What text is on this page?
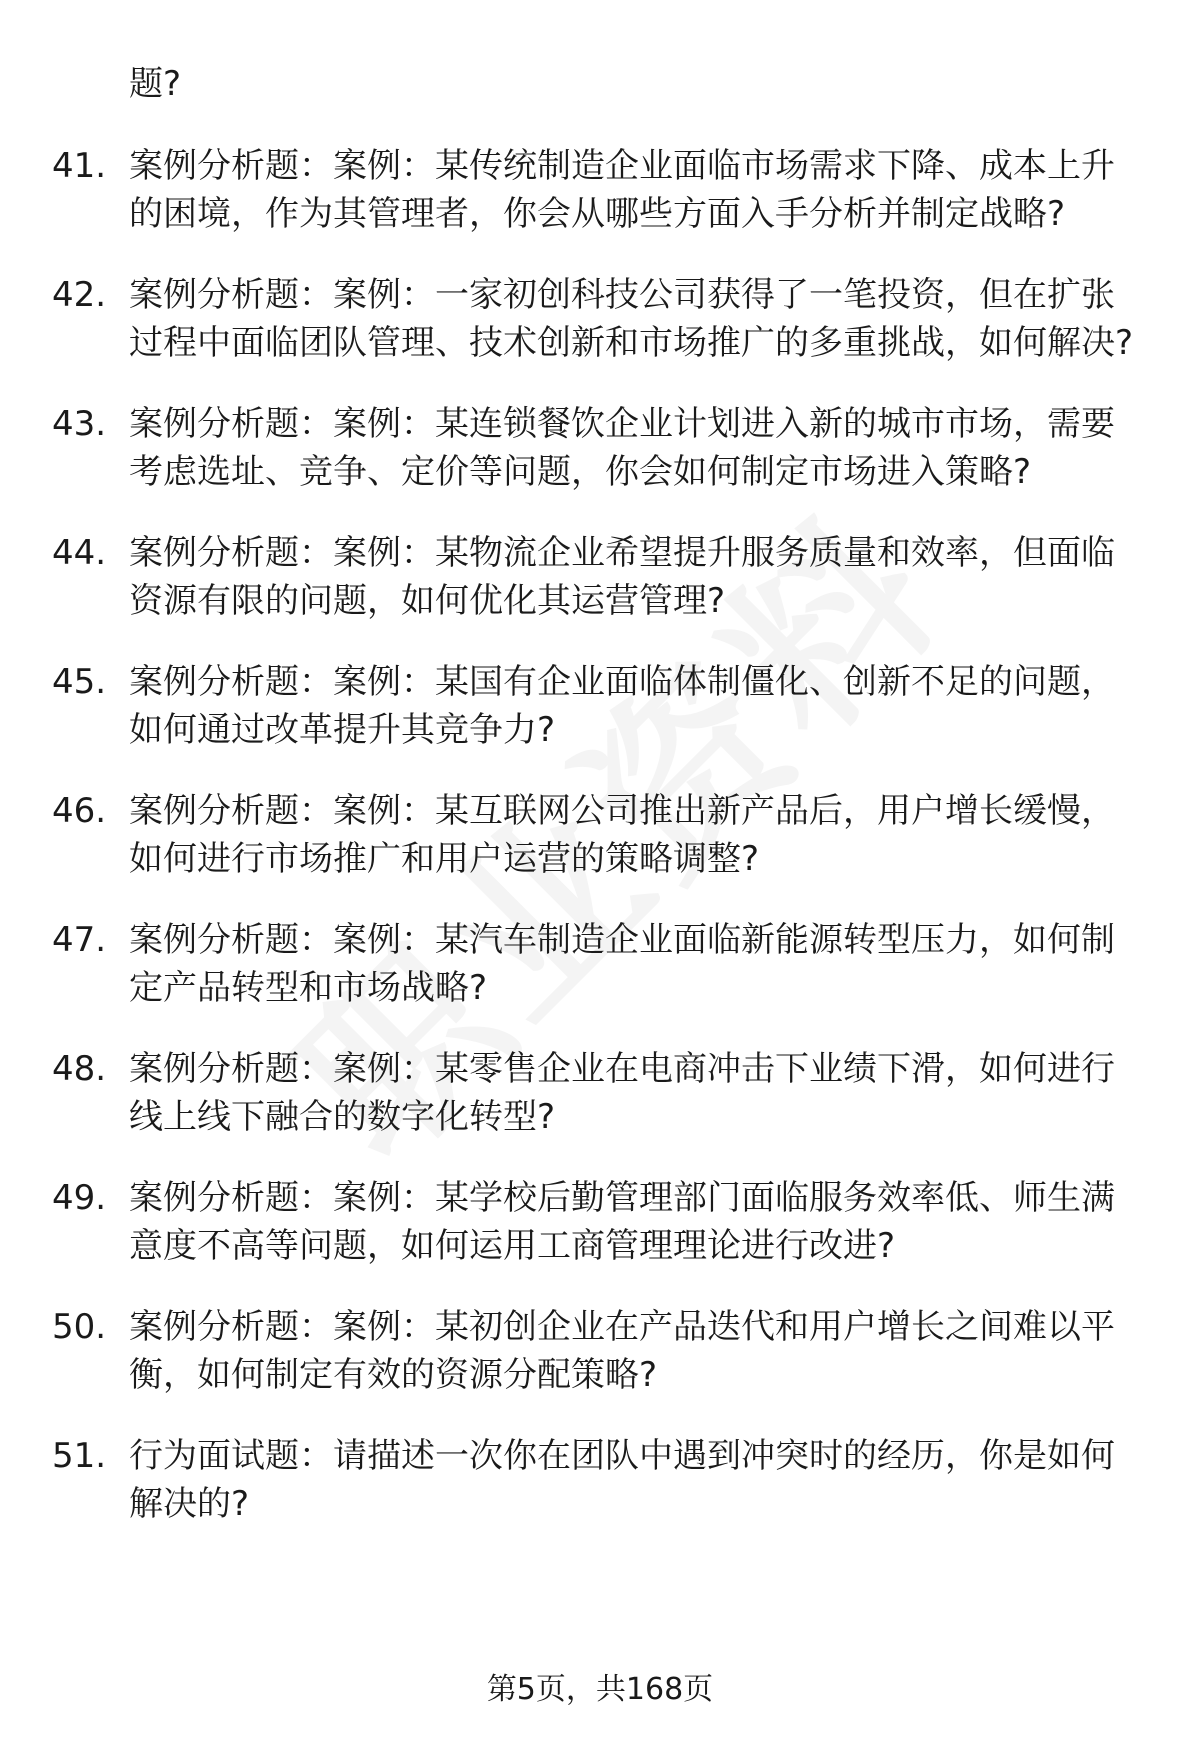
题?
41. 案例分析题：案例：某传统制造企业面临市场需求下降、成本上升的困境，作为其管理者，你会从哪些方面入手分析并制定战略?
42. 案例分析题：案例：一家初创科技公司获得了一笔投资，但在扩张过程中面临团队管理、技术创新和市场推广的多重挑战，如何解决?
43. 案例分析题：案例：某连锁餐饮企业计划进入新的城市市场，需要考虑选址、竞争、定价等问题，你会如何制定市场进入策略?
44. 案例分析题：案例：某物流企业希望提升服务质量和效率，但面临资源有限的问题，如何优化其运营管理?
45. 案例分析题：案例：某国有企业面临体制僵化、创新不足的问题，如何通过改革提升其竞争力?
46. 案例分析题：案例：某互联网公司推出新产品后，用户增长缓慢，如何进行市场推广和用户运营的策略调整?
47. 案例分析题：案例：某汽车制造企业面临新能源转型压力，如何制定产品转型和市场战略?
48. 案例分析题：案例：某零售企业在电商冲击下业绩下滑，如何进行线上线下融合的数字化转型?
49. 案例分析题：案例：某学校后勤管理部门面临服务效率低、师生满意度不高等问题，如何运用工商管理理论进行改进?
50. 案例分析题：案例：某初创企业在产品迭代和用户增长之间难以平衡，如何制定有效的资源分配策略?
51. 行为面试题：请描述一次你在团队中遇到冲突时的经历，你是如何解决的?
第5页，共168页
